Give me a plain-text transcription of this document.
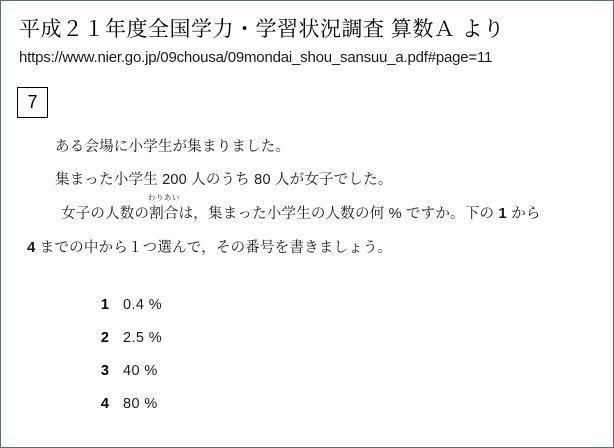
平成２１年度全国学力・学習状況調査 算数Ａ より
https://www.nier.go.jp/09chousa/09mondai_shou_sansuu_a.pdf#page=11
7
ある会場に小学生が集まりました。
集まった小学生 200 人のうち 80 人が女子でした。
女子の人数の
わりあい
割合は，集まった小学生の人数の何 % ですか。下の 1 から
4 までの中から１つ選んで，その番号を書きましょう。
1 0.4 %
2 2.5 %
3 40 %
4 80 %
